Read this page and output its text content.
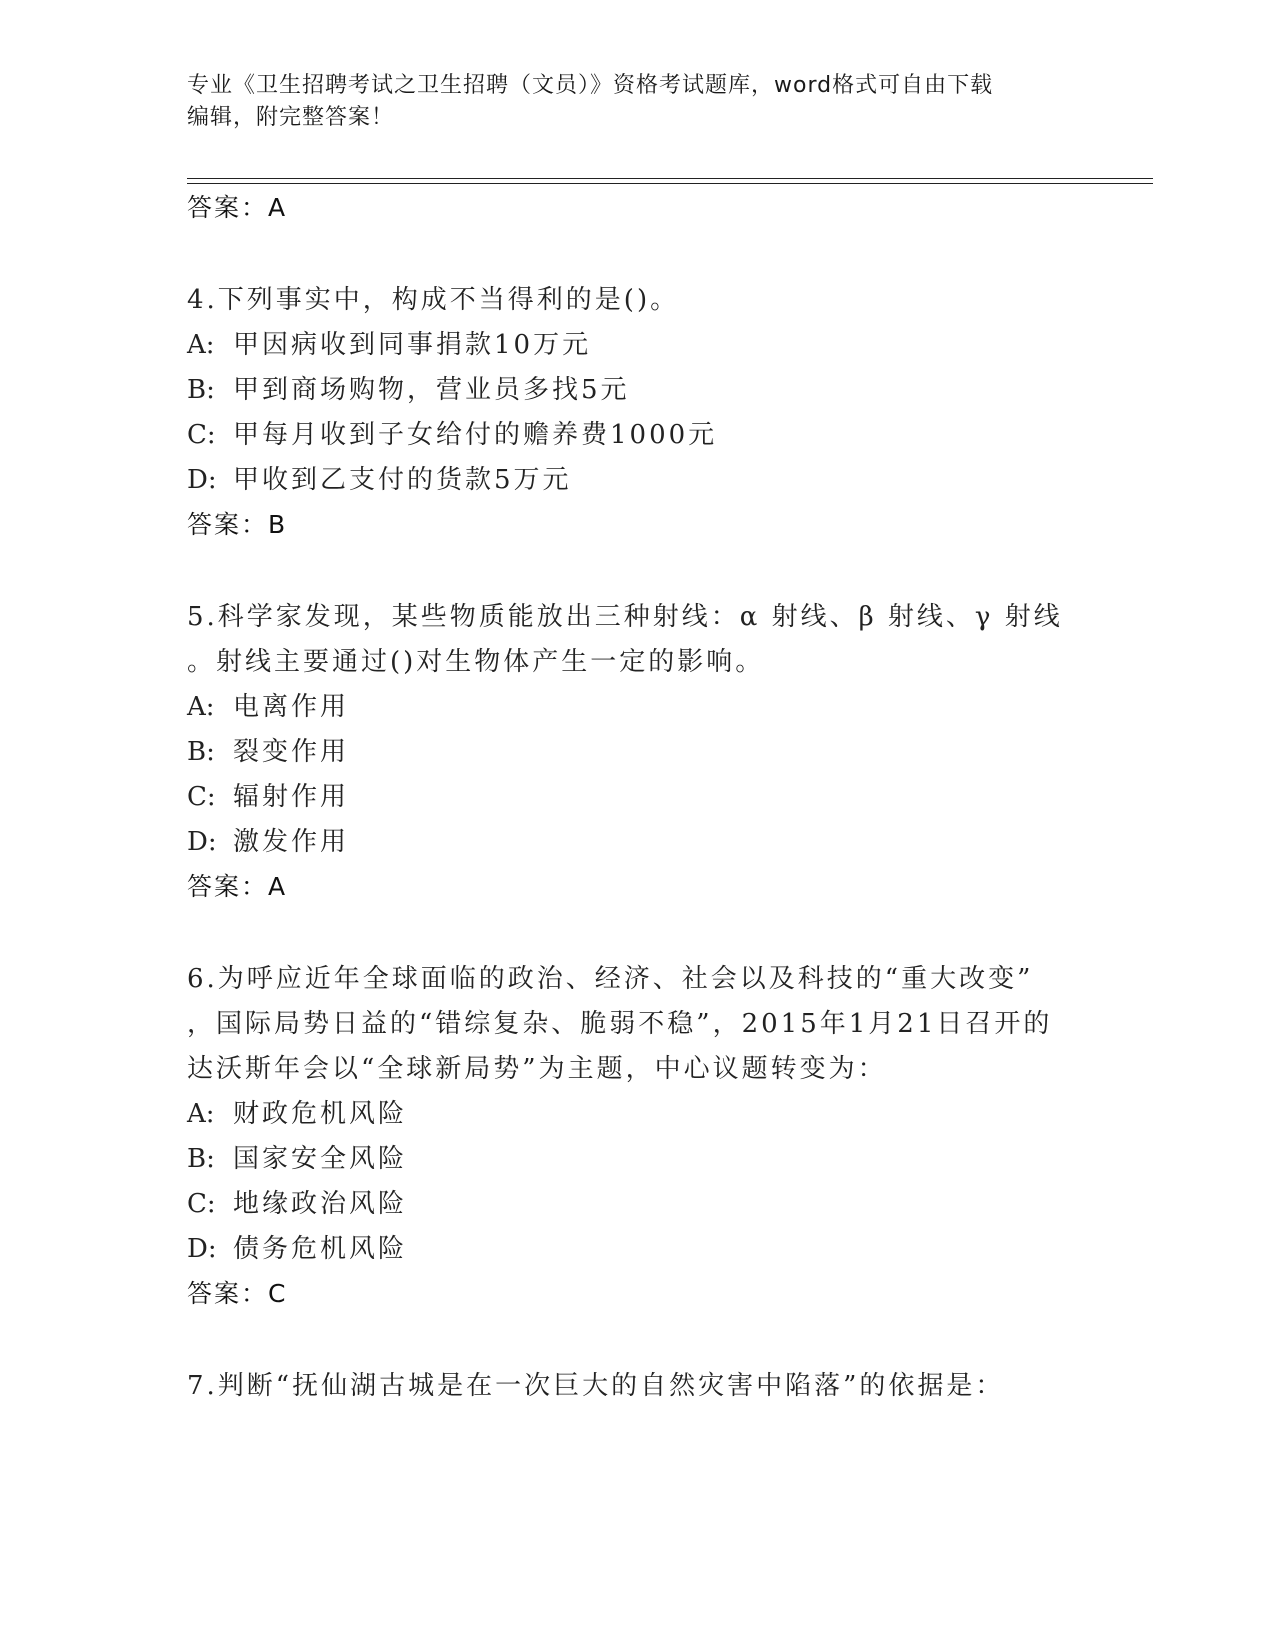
专业《卫生招聘考试之卫生招聘（文员）》资格考试题库，word格式可自由下载
编辑，附完整答案！
答案：A
4.下列事实中，构成不当得利的是()。
A: 甲因病收到同事捐款10万元
B: 甲到商场购物，营业员多找5元
C: 甲每月收到子女给付的赡养费1000元
D: 甲收到乙支付的货款5万元
答案：B
5.科学家发现，某些物质能放出三种射线：α 射线、β 射线、γ 射线
。射线主要通过()对生物体产生一定的影响。
A: 电离作用
B: 裂变作用
C: 辐射作用
D: 激发作用
答案：A
6.为呼应近年全球面临的政治、经济、社会以及科技的“重大改变”
，国际局势日益的“错综复杂、脆弱不稳”，2015年1月21日召开的
达沃斯年会以“全球新局势”为主题，中心议题转变为：
A: 财政危机风险
B: 国家安全风险
C: 地缘政治风险
D: 债务危机风险
答案：C
7.判断“抚仙湖古城是在一次巨大的自然灾害中陷落”的依据是：
